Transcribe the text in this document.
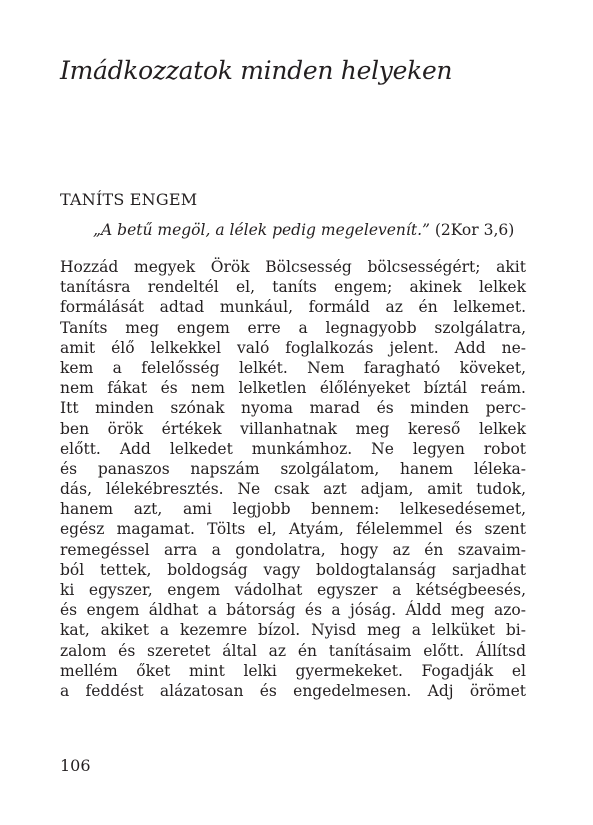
Imádkozzatok minden helyeken
TANÍTS ENGEM

„A betű megöl, a lélek pedig megelevenít.” (2Kor 3,6)

Hozzád megyek Örök Bölcsesség bölcsességért; akit
tanításra rendeltél el, taníts engem; akinek lelkek
formálását adtad munkául, formáld az én lelkemet.
Taníts meg engem erre a legnagyobb szolgálatra,
amit élő lelkekkel való foglalkozás jelent. Add ne-
kem a felelősség lelkét. Nem faragható köveket,
nem fákat és nem lelketlen élőlényeket bíztál reám.
Itt minden szónak nyoma marad és minden perc-
ben örök értékek villanhatnak meg kereső lelkek
előtt. Add lelkedet munkámhoz. Ne legyen robot
és panaszos napszám szolgálatom, hanem léleka-
dás, lélekébresztés. Ne csak azt adjam, amit tudok,
hanem azt, ami legjobb bennem: lelkesedésemet,
egész magamat. Tölts el, Atyám, félelemmel és szent
remegéssel arra a gondolatra, hogy az én szavaim-
ból tettek, boldogság vagy boldogtalanság sarjadhat
ki egyszer, engem vádolhat egyszer a kétségbeesés,
és engem áldhat a bátorság és a jóság. Áldd meg azo-
kat, akiket a kezemre bízol. Nyisd meg a lelküket bi-
zalom és szeretet által az én tanításaim előtt. Állítsd
mellém őket mint lelki gyermekeket. Fogadják el
a feddést alázatosan és engedelmesen. Adj örömet

106
